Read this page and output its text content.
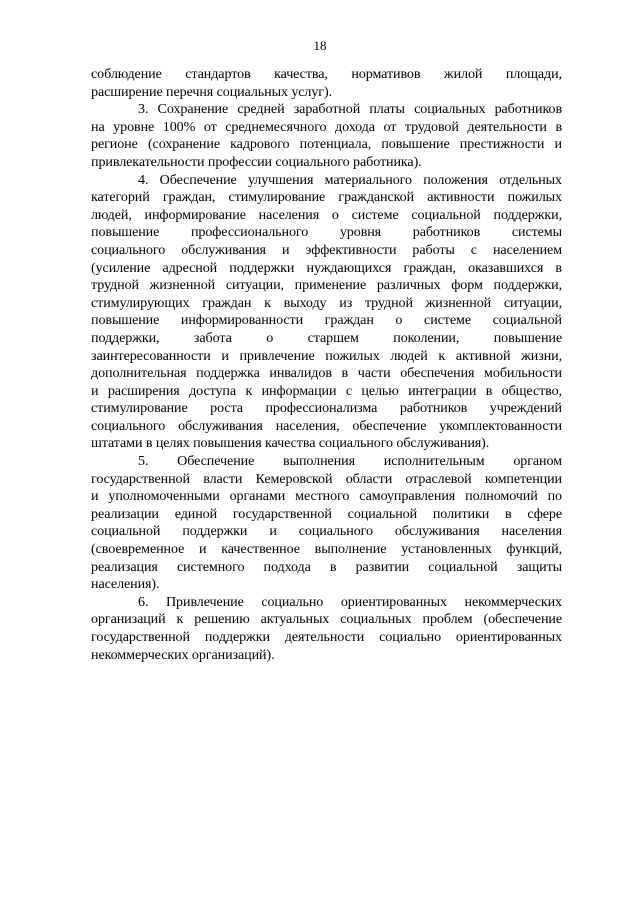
18
соблюдение стандартов качества, нормативов жилой площади,
расширение перечня социальных услуг).
3. Сохранение средней заработной платы социальных работников
на уровне 100% от среднемесячного дохода от трудовой деятельности в
регионе (сохранение кадрового потенциала, повышение престижности и
привлекательности профессии социального работника).
4. Обеспечение улучшения материального положения отдельных
категорий граждан, стимулирование гражданской активности пожилых
людей, информирование населения о системе социальной поддержки,
повышение профессионального уровня работников системы
социального обслуживания и эффективности работы с населением
(усиление адресной поддержки нуждающихся граждан, оказавшихся в
трудной жизненной ситуации, применение различных форм поддержки,
стимулирующих граждан к выходу из трудной жизненной ситуации,
повышение информированности граждан о системе социальной
поддержки, забота о старшем поколении, повышение
заинтересованности и привлечение пожилых людей к активной жизни,
дополнительная поддержка инвалидов в части обеспечения мобильности
и расширения доступа к информации с целью интеграции в общество,
стимулирование роста профессионализма работников учреждений
социального обслуживания населения, обеспечение укомплектованности
штатами в целях повышения качества социального обслуживания).
5. Обеспечение выполнения исполнительным органом
государственной власти Кемеровской области отраслевой компетенции
и уполномоченными органами местного самоуправления полномочий по
реализации единой государственной социальной политики в сфере
социальной поддержки и социального обслуживания населения
(своевременное и качественное выполнение установленных функций,
реализация системного подхода в развитии социальной защиты
населения).
6. Привлечение социально ориентированных некоммерческих
организаций к решению актуальных социальных проблем (обеспечение
государственной поддержки деятельности социально ориентированных
некоммерческих организаций).
